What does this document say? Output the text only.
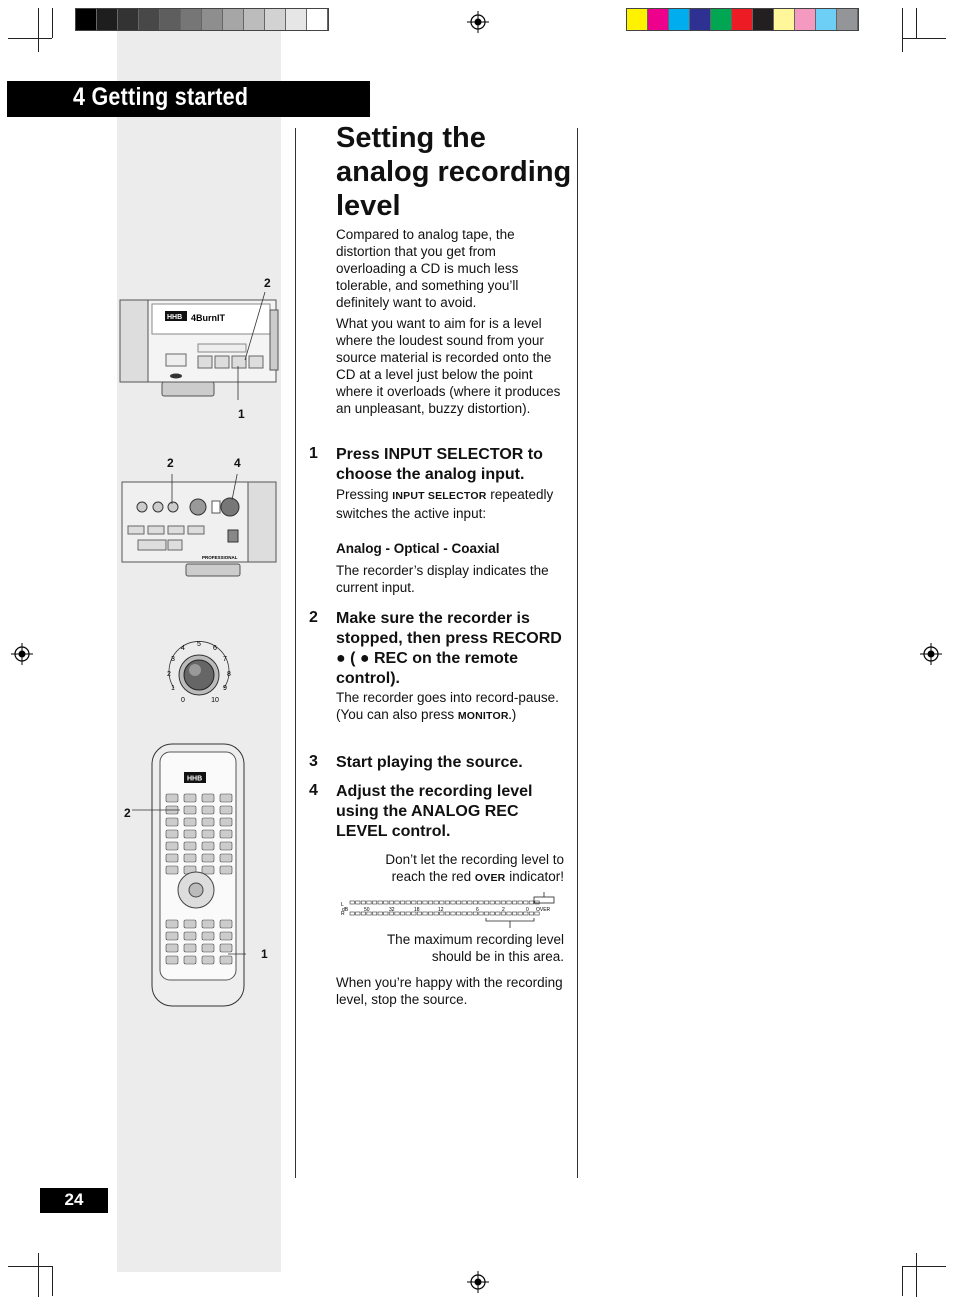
4 Getting started
Setting the analog recording level

Compared to analog tape, the distortion that you get from overloading a CD is much less tolerable, and something you’ll definitely want to avoid.

What you want to aim for is a level where the loudest sound from your source material is recorded onto the CD at a level just below the point where it overloads (where it produces an unpleasant, buzzy distortion).

1 Press INPUT SELECTOR to choose the analog input.

Pressing INPUT SELECTOR repeatedly switches the active input:

Analog - Optical - Coaxial

The recorder’s display indicates the current input.

2 Make sure the recorder is stopped, then press RECORD ● ( ● REC on the remote control).

The recorder goes into record-pause. (You can also press MONITOR.)

3 Start playing the source.

4 Adjust the recording level using the ANALOG REC LEVEL control.

Don’t let the recording level to reach the red OVER indicator!

L
R
dB	50	32	18	12	6	2	0 OVER

The maximum recording level should be in this area.

When you’re happy with the recording level, stop the source.

2
1
HHB 4BurnIT
2	4
PROFESSIONAL
0
1
2
3
4
5
6
7
8
9
10
2
1
HHB
24
